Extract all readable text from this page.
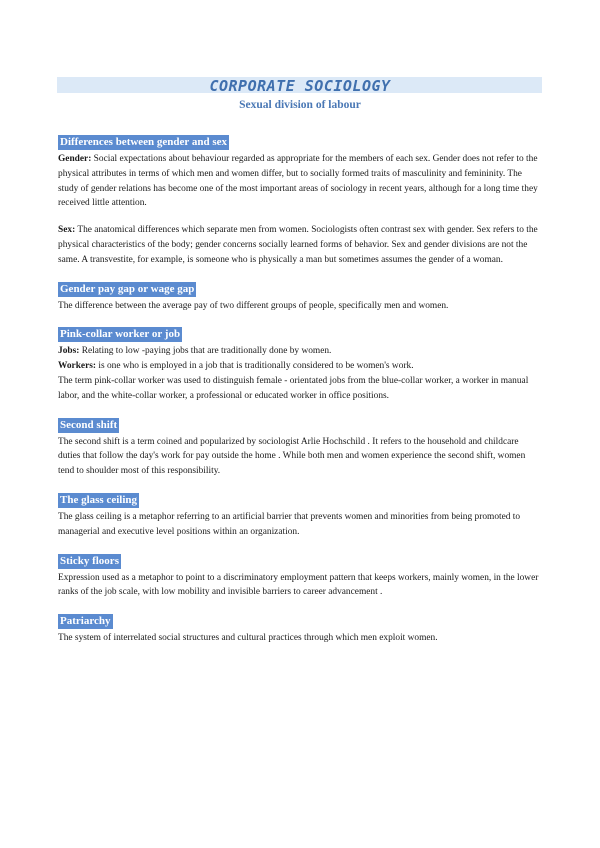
CORPORATE SOCIOLOGY
Sexual division of labour
Differences between gender and sex

Gender: Social expectations about behaviour regarded as appropriate for the members of each sex. Gender does not refer to the physical attributes in terms of which men and women differ, but to socially formed traits of masculinity and femininity. The study of gender relations has become one of the most important areas of sociology in recent years, although for a long time they received little attention.

Sex: The anatomical differences which separate men from women. Sociologists often contrast sex with gender. Sex refers to the physical characteristics of the body; gender concerns socially learned forms of behavior. Sex and gender divisions are not the same. A transvestite, for example, is someone who is physically a man but sometimes assumes the gender of a woman.

Gender pay gap or wage gap

The difference between the average pay of two different groups of people, specifically men and women.

Pink-collar worker or job

Jobs: Relating to low -paying jobs that are traditionally done by women.

Workers: is one who is employed in a job that is traditionally considered to be women's work.

The term pink-collar worker was used to distinguish female - orientated jobs from the blue-collar worker, a worker in manual labor, and the white-collar worker, a professional or educated worker in office positions.

Second shift

The second shift is a term coined and popularized by sociologist Arlie Hochschild . It refers to the household and childcare duties that follow the day's work for pay outside the home . While both men and women experience the second shift, women tend to shoulder most of this responsibility.

The glass ceiling

The glass ceiling is a metaphor referring to an artificial barrier that prevents women and minorities from being promoted to managerial and executive level positions within an organization.

Sticky floors

Expression used as a metaphor to point to a discriminatory employment pattern that keeps workers, mainly women, in the lower ranks of the job scale, with low mobility and invisible barriers to career advancement .

Patriarchy

The system of interrelated social structures and cultural practices through which men exploit women.
